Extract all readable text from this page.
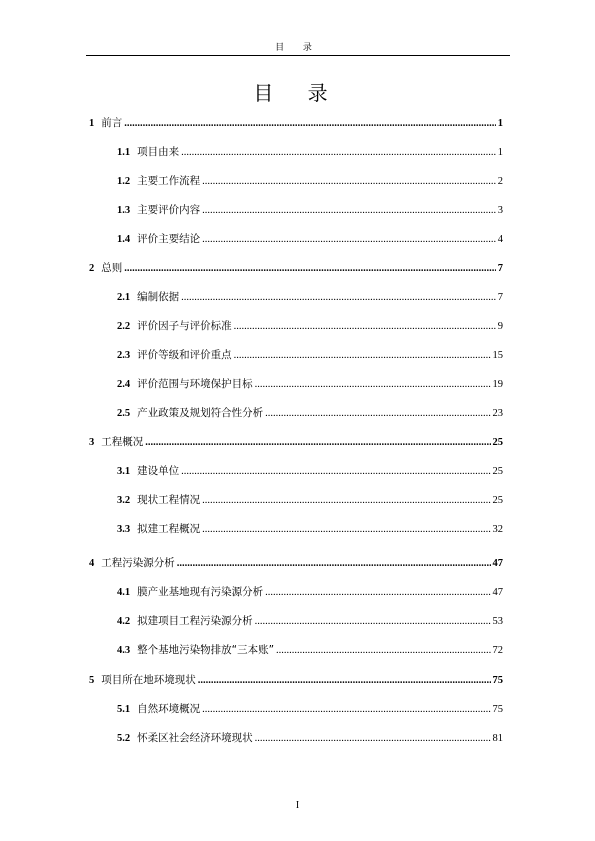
目 录
目 录
1 前言 .....	1
1.1 项目由来 .....	1
1.2 主要工作流程 .....	2
1.3 主要评价内容 .....	3
1.4 评价主要结论 .....	4
2 总则 .....	7
2.1 编制依据 .....	7
2.2 评价因子与评价标准 .....	9
2.3 评价等级和评价重点 .....	15
2.4 评价范围与环境保护目标 .....	19
2.5 产业政策及规划符合性分析 .....	23
3 工程概况 .....	25
3.1 建设单位 .....	25
3.2 现状工程情况 .....	25
3.3 拟建工程概况 .....	32
4 工程污染源分析 .....	47
4.1 膜产业基地现有污染源分析 .....	47
4.2 拟建项目工程污染源分析 .....	53
4.3 整个基地污染物排放“三本账” .....	72
5 项目所在地环境现状 .....	75
5.1 自然环境概况 .....	75
5.2 怀柔区社会经济环境现状 .....	81
I
